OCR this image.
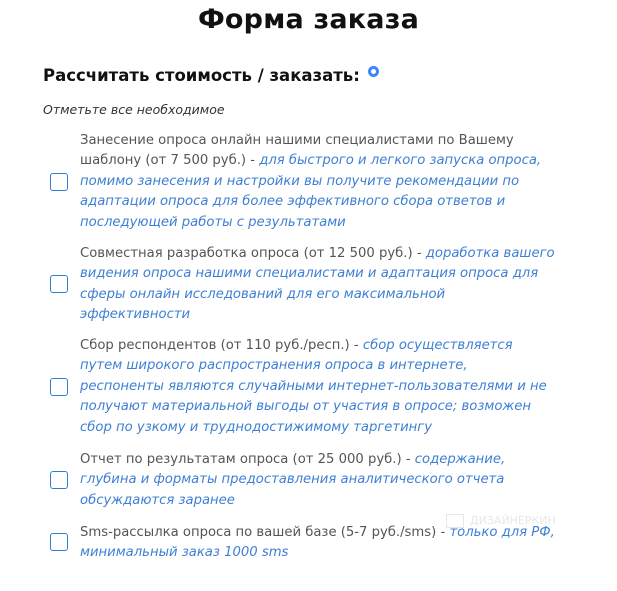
Форма заказа
Рассчитать стоимость / заказать:
Отметьте все необходимое
Занесение опроса онлайн нашими специалистами по Вашему шаблону (от 7 500 руб.) - для быстрого и легкого запуска опроса, помимо занесения и настройки вы получите рекомендации по адаптации опроса для более эффективного сбора ответов и последующей работы с результатами
Совместная разработка опроса (от 12 500 руб.) - доработка вашего видения опроса нашими специалистами и адаптация опроса для сферы онлайн исследований для его максимальной эффективности
Сбор респондентов (от 110 руб./респ.) - сбор осуществляется путем широкого распространения опроса в интернете, респоненты являются случайными интернет-пользователями и не получают материальной выгоды от участия в опросе; возможен сбор по узкому и труднодостижимому таргетингу
Отчет по результатам опроса (от 25 000 руб.) - содержание, глубина и форматы предоставления аналитического отчета обсуждаются заранее
Sms-рассылка опроса по вашей базе (5-7 руб./sms) - только для РФ, минимальный заказ 1000 sms
ДИЗАЙНЕРКИН
